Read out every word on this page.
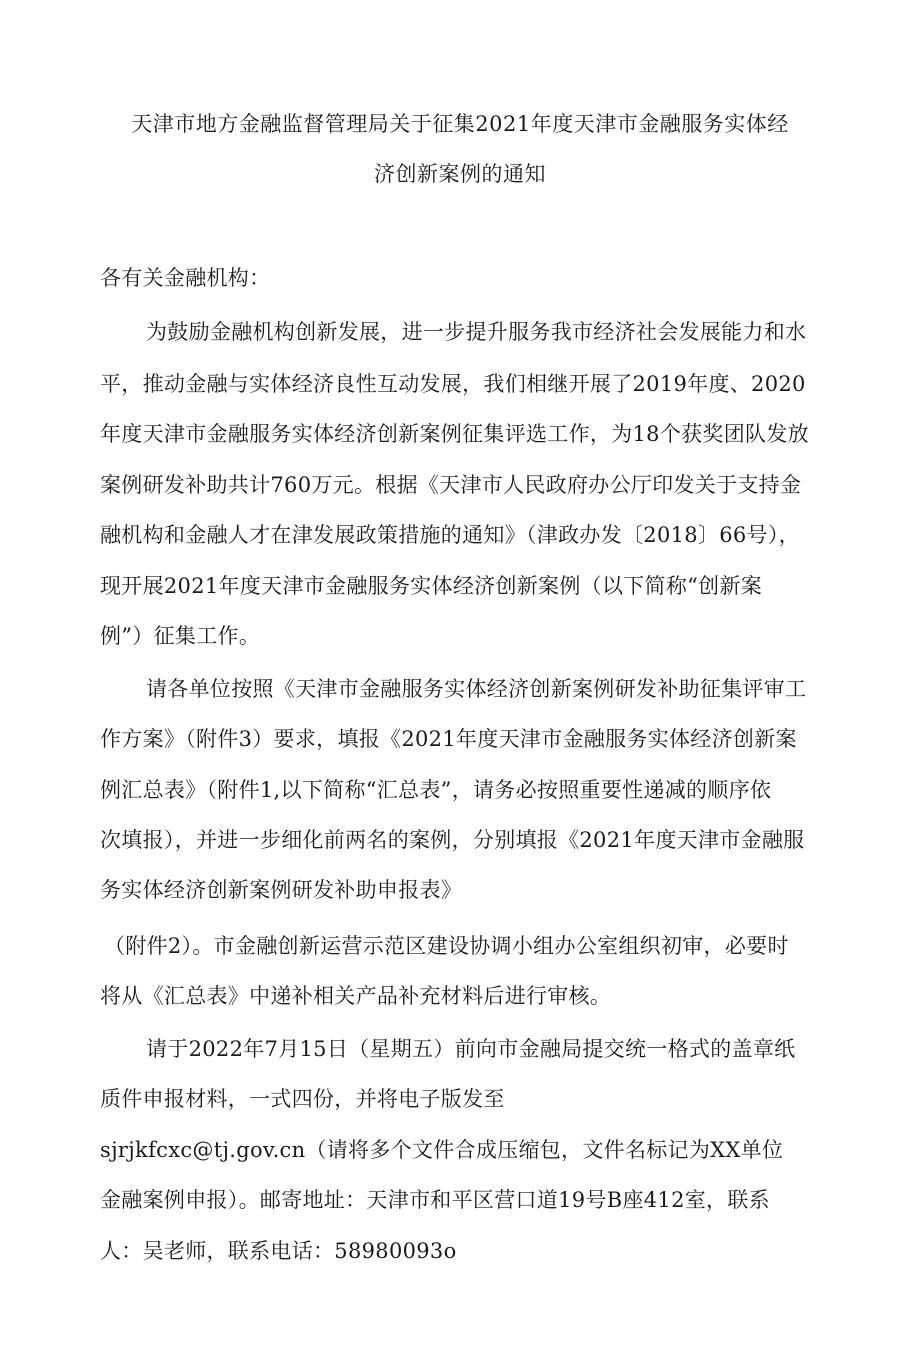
天津市地方金融监督管理局关于征集2021年度天津市金融服务实体经
济创新案例的通知
各有关金融机构：
为鼓励金融机构创新发展，进一步提升服务我市经济社会发展能力和水
平，推动金融与实体经济良性互动发展，我们相继开展了2019年度、2020
年度天津市金融服务实体经济创新案例征集评选工作，为18个获奖团队发放
案例研发补助共计760万元。根据《天津市人民政府办公厅印发关于支持金
融机构和金融人才在津发展政策措施的通知》（津政办发〔2018〕66号），
现开展2021年度天津市金融服务实体经济创新案例（以下简称“创新案
例”）征集工作。
请各单位按照《天津市金融服务实体经济创新案例研发补助征集评审工
作方案》（附件3）要求，填报《2021年度天津市金融服务实体经济创新案
例汇总表》（附件1,以下简称“汇总表”，请务必按照重要性递减的顺序依
次填报），并进一步细化前两名的案例，分别填报《2021年度天津市金融服
务实体经济创新案例研发补助申报表》
（附件2）。市金融创新运营示范区建设协调小组办公室组织初审，必要时
将从《汇总表》中递补相关产品补充材料后进行审核。
请于2022年7月15日（星期五）前向市金融局提交统一格式的盖章纸
质件申报材料，一式四份，并将电子版发至
sjrjkfcxc@tj.gov.cn（请将多个文件合成压缩包，文件名标记为XX单位
金融案例申报）。邮寄地址：天津市和平区营口道19号B座412室，联系
人：吴老师，联系电话：58980093o
